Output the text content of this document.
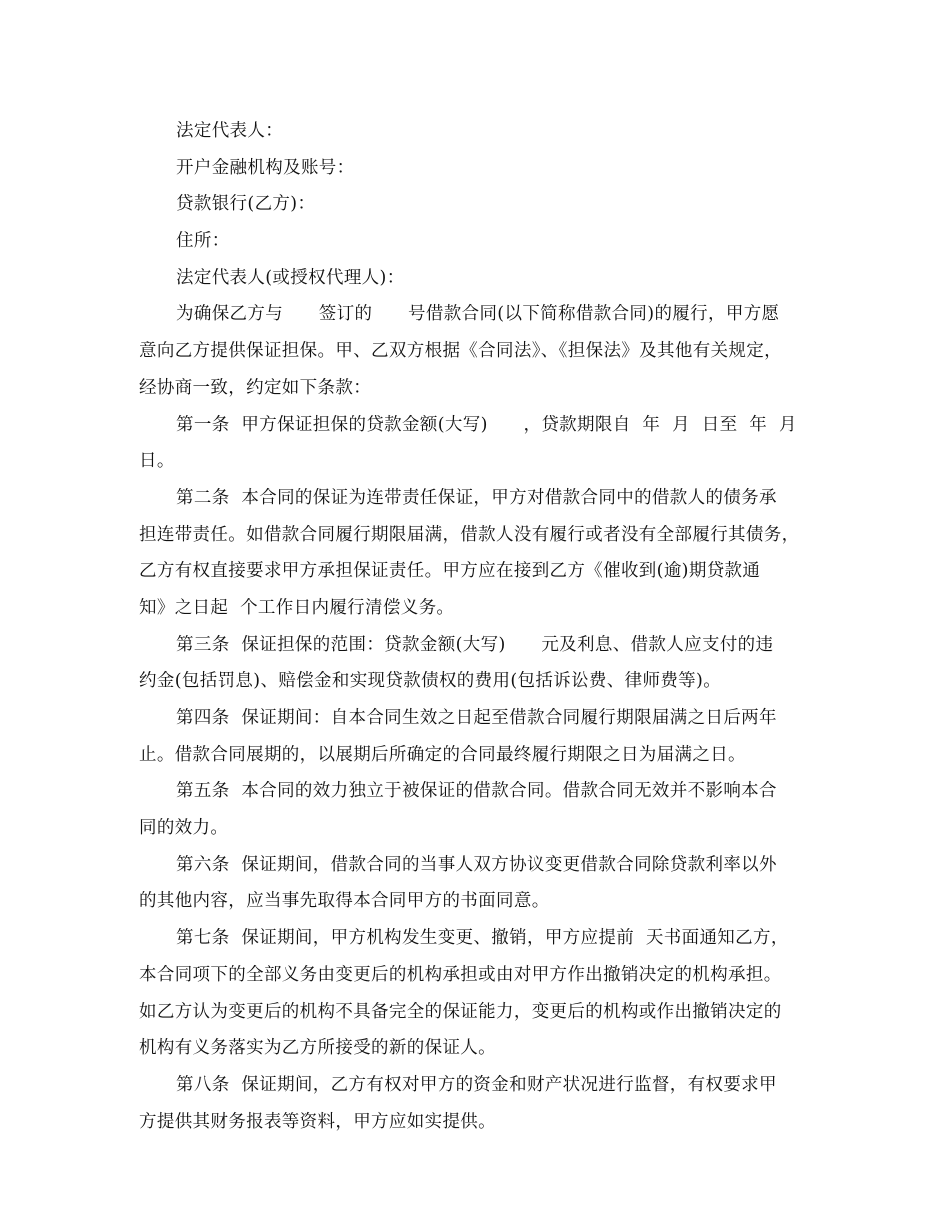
法定代表人：
开户金融机构及账号：
贷款银行(乙方)：
住所：
法定代表人(或授权代理人)：
为确保乙方与　　签订的　　号借款合同(以下简称借款合同)的履行，甲方愿
意向乙方提供保证担保。甲、乙双方根据《合同法》、《担保法》及其他有关规定，
经协商一致，约定如下条款：
第一条  甲方保证担保的贷款金额(大写)　　，贷款期限自  年  月  日至  年  月
日。
第二条  本合同的保证为连带责任保证，甲方对借款合同中的借款人的债务承
担连带责任。如借款合同履行期限届满，借款人没有履行或者没有全部履行其债务，
乙方有权直接要求甲方承担保证责任。甲方应在接到乙方《催收到(逾)期贷款通
知》之日起  个工作日内履行清偿义务。
第三条  保证担保的范围：贷款金额(大写)　　元及利息、借款人应支付的违
约金(包括罚息)、赔偿金和实现贷款债权的费用(包括诉讼费、律师费等)。
第四条  保证期间：自本合同生效之日起至借款合同履行期限届满之日后两年
止。借款合同展期的，以展期后所确定的合同最终履行期限之日为届满之日。
第五条  本合同的效力独立于被保证的借款合同。借款合同无效并不影响本合
同的效力。
第六条  保证期间，借款合同的当事人双方协议变更借款合同除贷款利率以外
的其他内容，应当事先取得本合同甲方的书面同意。
第七条  保证期间，甲方机构发生变更、撤销，甲方应提前  天书面通知乙方，
本合同项下的全部义务由变更后的机构承担或由对甲方作出撤销决定的机构承担。
如乙方认为变更后的机构不具备完全的保证能力，变更后的机构或作出撤销决定的
机构有义务落实为乙方所接受的新的保证人。
第八条  保证期间，乙方有权对甲方的资金和财产状况进行监督，有权要求甲
方提供其财务报表等资料，甲方应如实提供。
